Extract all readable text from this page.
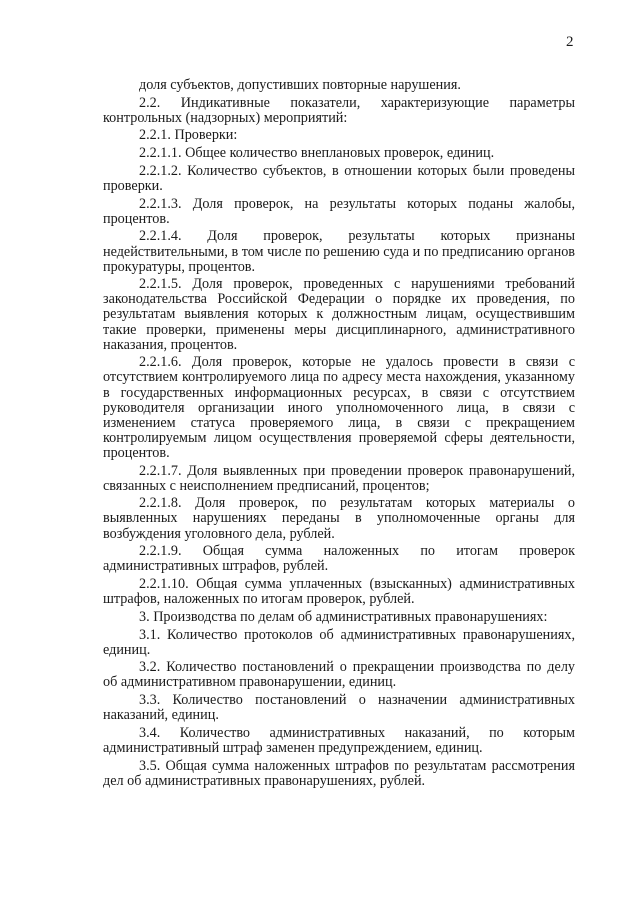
2

доля субъектов, допустивших повторные нарушения.

2.2. Индикативные показатели, характеризующие параметры контрольных (надзорных) мероприятий:

2.2.1. Проверки:

2.2.1.1. Общее количество внеплановых проверок, единиц.

2.2.1.2. Количество субъектов, в отношении которых были проведены проверки.

2.2.1.3. Доля проверок, на результаты которых поданы жалобы, процентов.

2.2.1.4. Доля проверок, результаты которых признаны недействительными, в том числе по решению суда и по предписанию органов прокуратуры, процентов.

2.2.1.5. Доля проверок, проведенных с нарушениями требований законодательства Российской Федерации о порядке их проведения, по результатам выявления которых к должностным лицам, осуществившим такие проверки, применены меры дисциплинарного, административного наказания, процентов.

2.2.1.6. Доля проверок, которые не удалось провести в связи с отсутствием контролируемого лица по адресу места нахождения, указанному в государственных информационных ресурсах, в связи с отсутствием руководителя организации иного уполномоченного лица, в связи с изменением статуса проверяемого лица, в связи с прекращением контролируемым лицом осуществления проверяемой сферы деятельности, процентов.

2.2.1.7. Доля выявленных при проведении проверок правонарушений, связанных с неисполнением предписаний, процентов;

2.2.1.8. Доля проверок, по результатам которых материалы о выявленных нарушениях переданы в уполномоченные органы для возбуждения уголовного дела, рублей.

2.2.1.9. Общая сумма наложенных по итогам проверок административных штрафов, рублей.

2.2.1.10. Общая сумма уплаченных (взысканных) административных штрафов, наложенных по итогам проверок, рублей.

3. Производства по делам об административных правонарушениях:

3.1. Количество протоколов об административных правонарушениях, единиц.

3.2. Количество постановлений о прекращении производства по делу об административном правонарушении, единиц.

3.3. Количество постановлений о назначении административных наказаний, единиц.

3.4. Количество административных наказаний, по которым административный штраф заменен предупреждением, единиц.

3.5. Общая сумма наложенных штрафов по результатам рассмотрения дел об административных правонарушениях, рублей.
